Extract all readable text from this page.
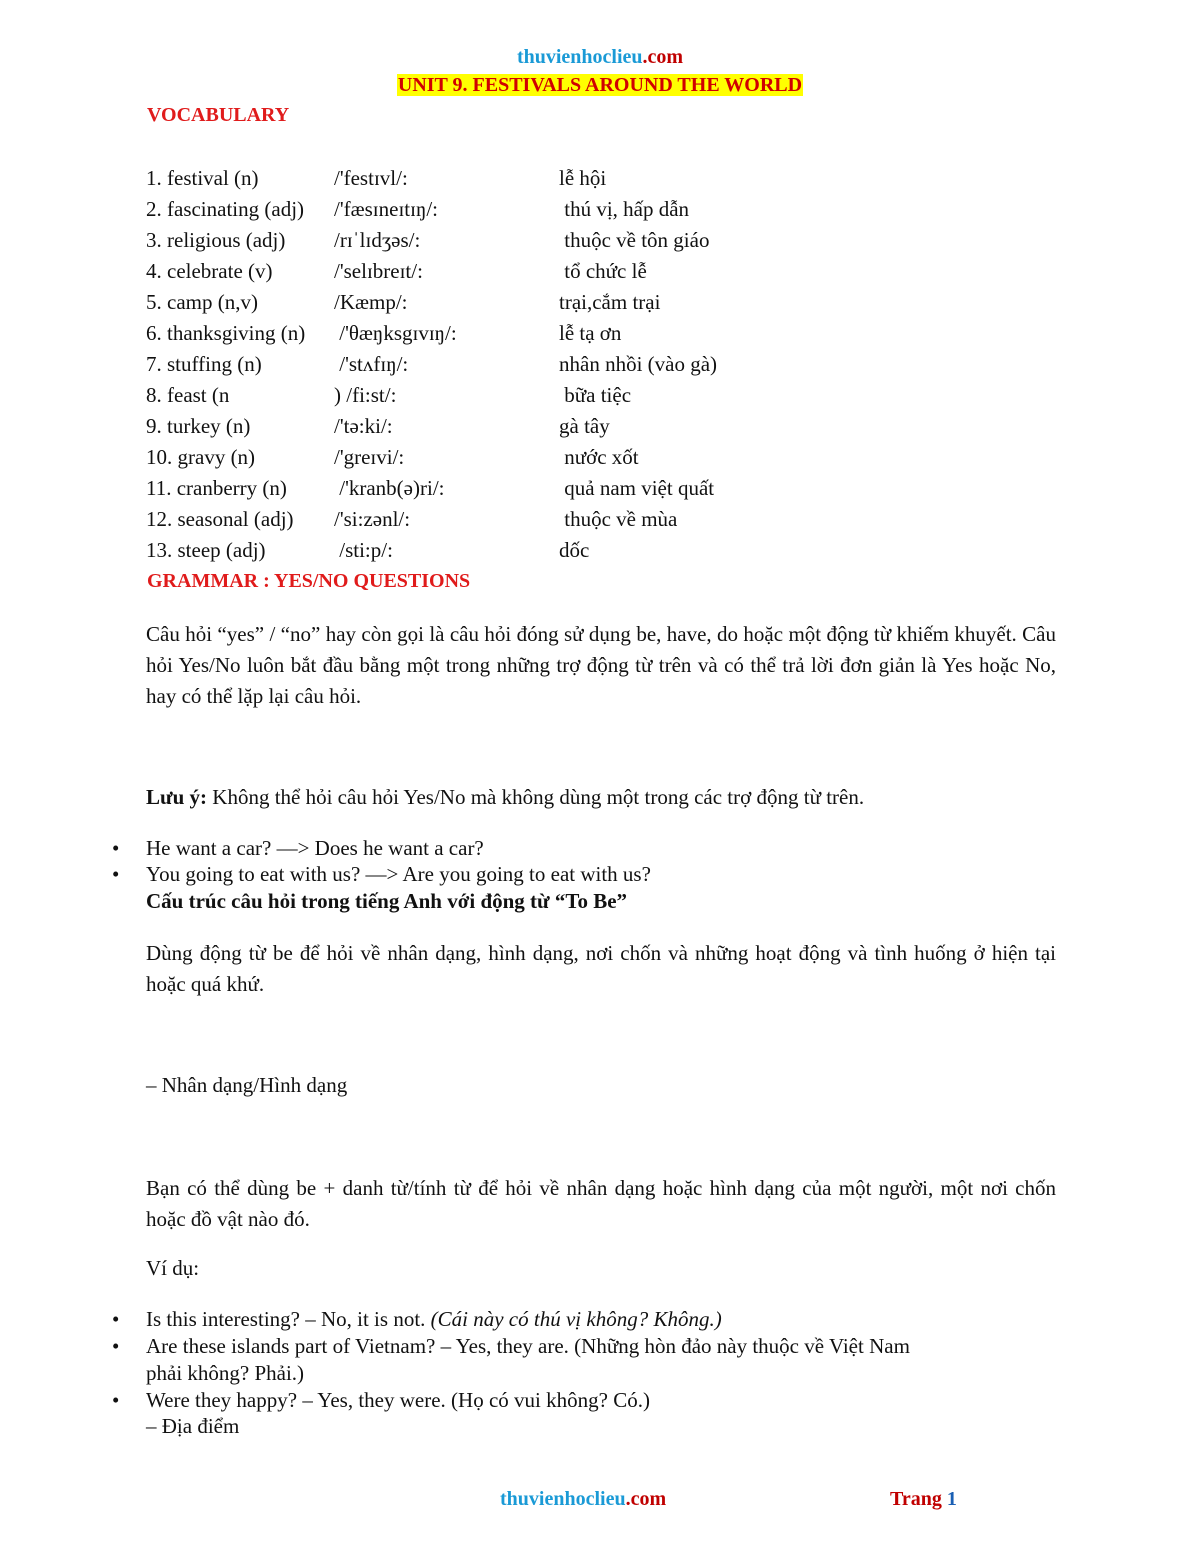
thuvienhoclieu.com
UNIT 9. FESTIVALS AROUND THE WORLD
VOCABULARY
1. festival (n)	/'festɪvl/:	lễ hội
2. fascinating (adj) /'fæsɪneɪtɪŋ/:	thú vị, hấp dẫn
3. religious (adj) /rɪˈlɪdʒəs/:	thuộc về tôn giáo
4. celebrate (v)	/'selɪbreɪt/:	tổ chức lễ
5. camp (n,v)	/Kæmp/:	trại,cắm trại
6. thanksgiving (n) /'θæŋksgɪvɪŋ/:	lễ tạ ơn
7. stuffing (n)	/'stʌfɪŋ/:	nhân nhồi (vào gà)
8. feast (n	) /fi:st/:	bữa tiệc
9. turkey (n)	/'tə:ki/:	gà tây
10. gravy (n)	/'greɪvi/:	nước xốt
11. cranberry (n) /'kranb(ə)ri/:	quả nam việt quất
12. seasonal (adj) /'si:zənl/:	thuộc về mùa
13. steep (adj)	/sti:p/:	dốc
GRAMMAR : YES/NO QUESTIONS
Câu hỏi “yes” / “no” hay còn gọi là câu hỏi đóng sử dụng be, have, do hoặc một động từ khiếm khuyết. Câu hỏi Yes/No luôn bắt đầu bằng một trong những trợ động từ trên và có thể trả lời đơn giản là Yes hoặc No, hay có thể lặp lại câu hỏi.
Lưu ý: Không thể hỏi câu hỏi Yes/No mà không dùng một trong các trợ động từ trên.
He want a car? —> Does he want a car?
You going to eat with us? —> Are you going to eat with us?
Cấu trúc câu hỏi trong tiếng Anh với động từ “To Be”
Dùng động từ be để hỏi về nhân dạng, hình dạng, nơi chốn và những hoạt động và tình huống ở hiện tại hoặc quá khứ.
– Nhân dạng/Hình dạng
Bạn có thể dùng be + danh từ/tính từ để hỏi về nhân dạng hoặc hình dạng của một người, một nơi chốn hoặc đồ vật nào đó.
Ví dụ:
Is this interesting? – No, it is not. (Cái này có thú vị không? Không.)
Are these islands part of Vietnam? – Yes, they are. (Những hòn đảo này thuộc về Việt Nam
phải không? Phải.)
Were they happy? – Yes, they were. (Họ có vui không? Có.)
– Địa điểm
thuvienhoclieu.com	Trang 1
